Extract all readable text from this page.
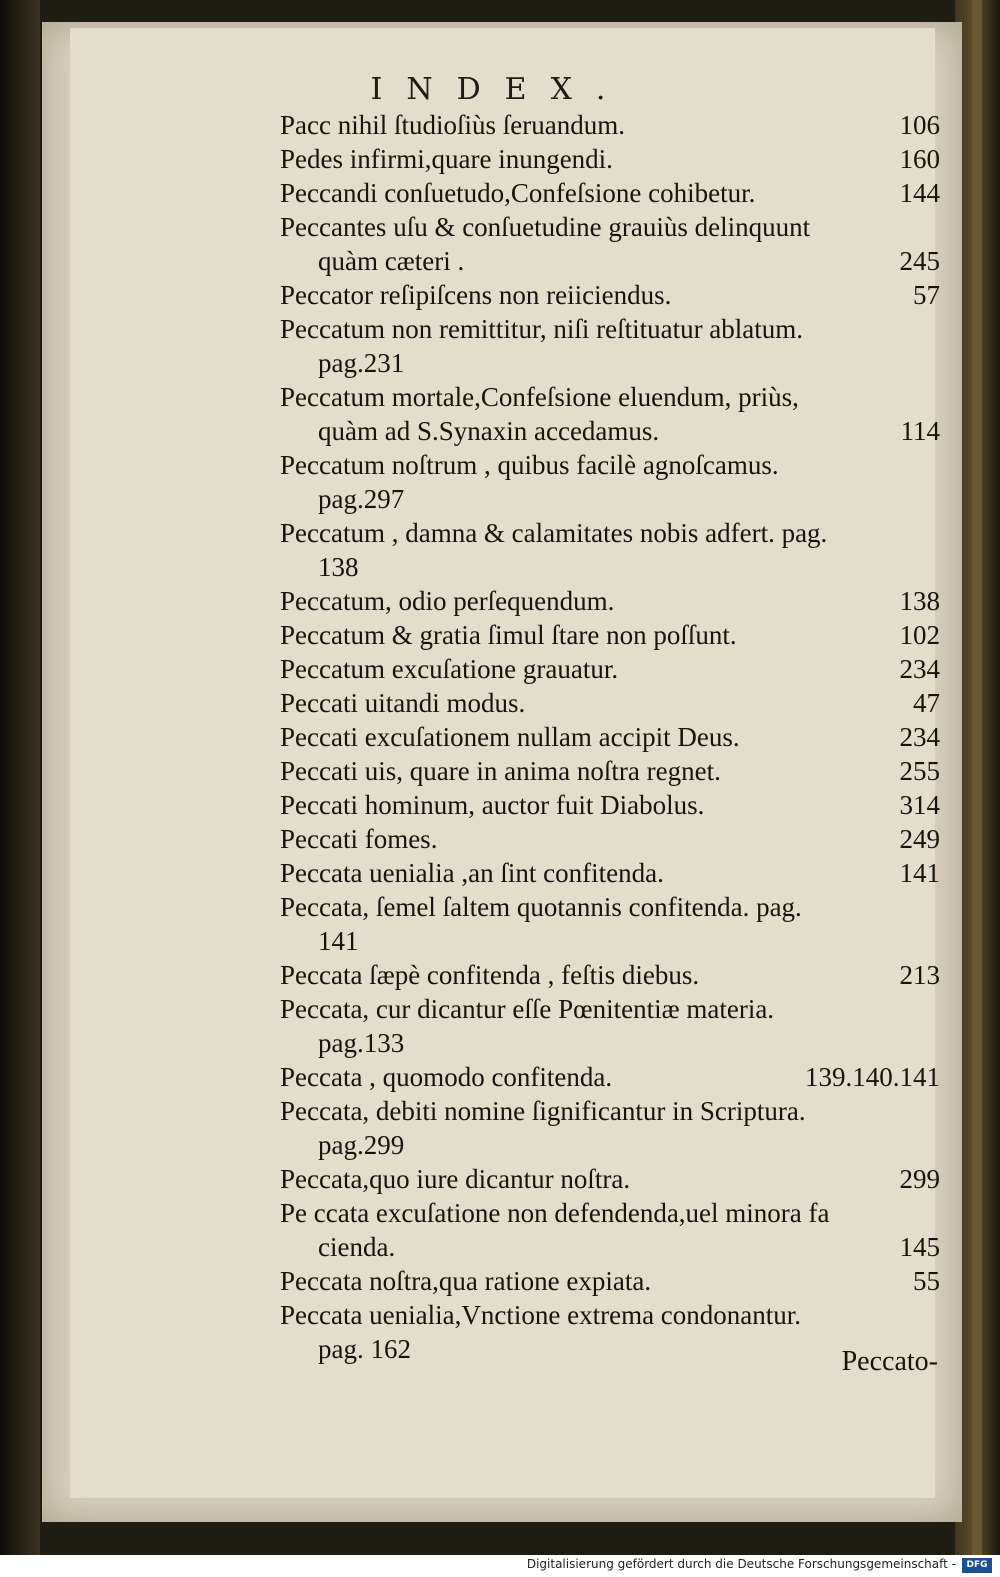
INDEX.
Pacc nihil ſtudioſiùs ſeruandum.	106
Pedes infirmi,quare inungendi.	160
Peccandi conſuetudo,Confeſsione cohibetur.	144
Peccantes uſu & conſuetudine grauiùs delinquunt
quàm cæteri .	245
Peccator reſipiſcens non reiiciendus.	57
Peccatum non remittitur, niſi reſtituatur ablatum.
pag.231
Peccatum mortale,Confeſsione eluendum, priùs,
quàm ad S.Synaxin accedamus.	114
Peccatum noſtrum , quibus facilè agnoſcamus.
pag.297
Peccatum , damna & calamitates nobis adfert. pag.
138
Peccatum, odio perſequendum.	138
Peccatum & gratia ſimul ſtare non poſſunt.	102
Peccatum excuſatione grauatur.	234
Peccati uitandi modus.	47
Peccati excuſationem nullam accipit Deus.	234
Peccati uis, quare in anima noſtra regnet.	255
Peccati hominum, auctor fuit Diabolus.	314
Peccati fomes.	249
Peccata uenialia ,an ſint confitenda.	141
Peccata, ſemel ſaltem quotannis confitenda. pag.
141
Peccata ſæpè confitenda , feſtis diebus.	213
Peccata, cur dicantur eſſe Pœnitentiæ materia.
pag.133
Peccata , quomodo confitenda.	139.140.141
Peccata, debiti nomine ſignificantur in Scriptura.
pag.299
Peccata,quo iure dicantur noſtra.	299
Pe ccata excuſatione non defendenda,uel minora fa
cienda.	145
Peccata noſtra,qua ratione expiata.	55
Peccata uenialia,Vnctione extrema condonantur.
pag. 162	Peccato-
Digitalisierung gefördert durch die Deutsche Forschungsgemeinschaft -	DFG
